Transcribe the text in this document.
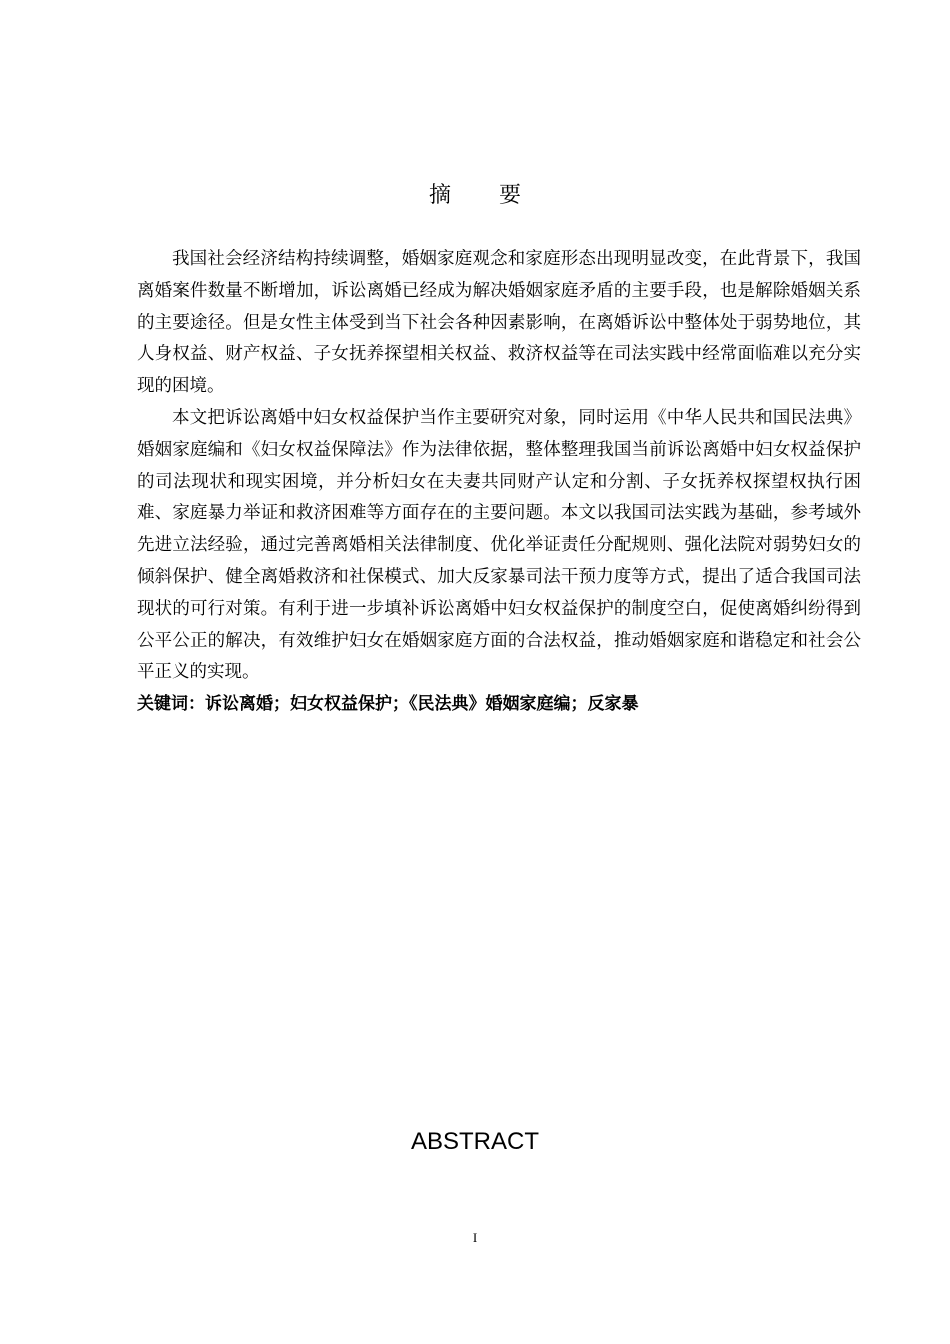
摘要

我国社会经济结构持续调整，婚姻家庭观念和家庭形态出现明显改变，在此背景下，我国离婚案件数量不断增加，诉讼离婚已经成为解决婚姻家庭矛盾的主要手段，也是解除婚姻关系的主要途径。但是女性主体受到当下社会各种因素影响，在离婚诉讼中整体处于弱势地位，其人身权益、财产权益、子女抚养探望相关权益、救济权益等在司法实践中经常面临难以充分实现的困境。

本文把诉讼离婚中妇女权益保护当作主要研究对象，同时运用《中华人民共和国民法典》婚姻家庭编和《妇女权益保障法》作为法律依据，整体整理我国当前诉讼离婚中妇女权益保护的司法现状和现实困境，并分析妇女在夫妻共同财产认定和分割、子女抚养权探望权执行困难、家庭暴力举证和救济困难等方面存在的主要问题。本文以我国司法实践为基础，参考域外先进立法经验，通过完善离婚相关法律制度、优化举证责任分配规则、强化法院对弱势妇女的倾斜保护、健全离婚救济和社保模式、加大反家暴司法干预力度等方式，提出了适合我国司法现状的可行对策。有利于进一步填补诉讼离婚中妇女权益保护的制度空白，促使离婚纠纷得到公平公正的解决，有效维护妇女在婚姻家庭方面的合法权益，推动婚姻家庭和谐稳定和社会公平正义的实现。

关键词：诉讼离婚；妇女权益保护；《民法典》婚姻家庭编；反家暴

ABSTRACT
I
